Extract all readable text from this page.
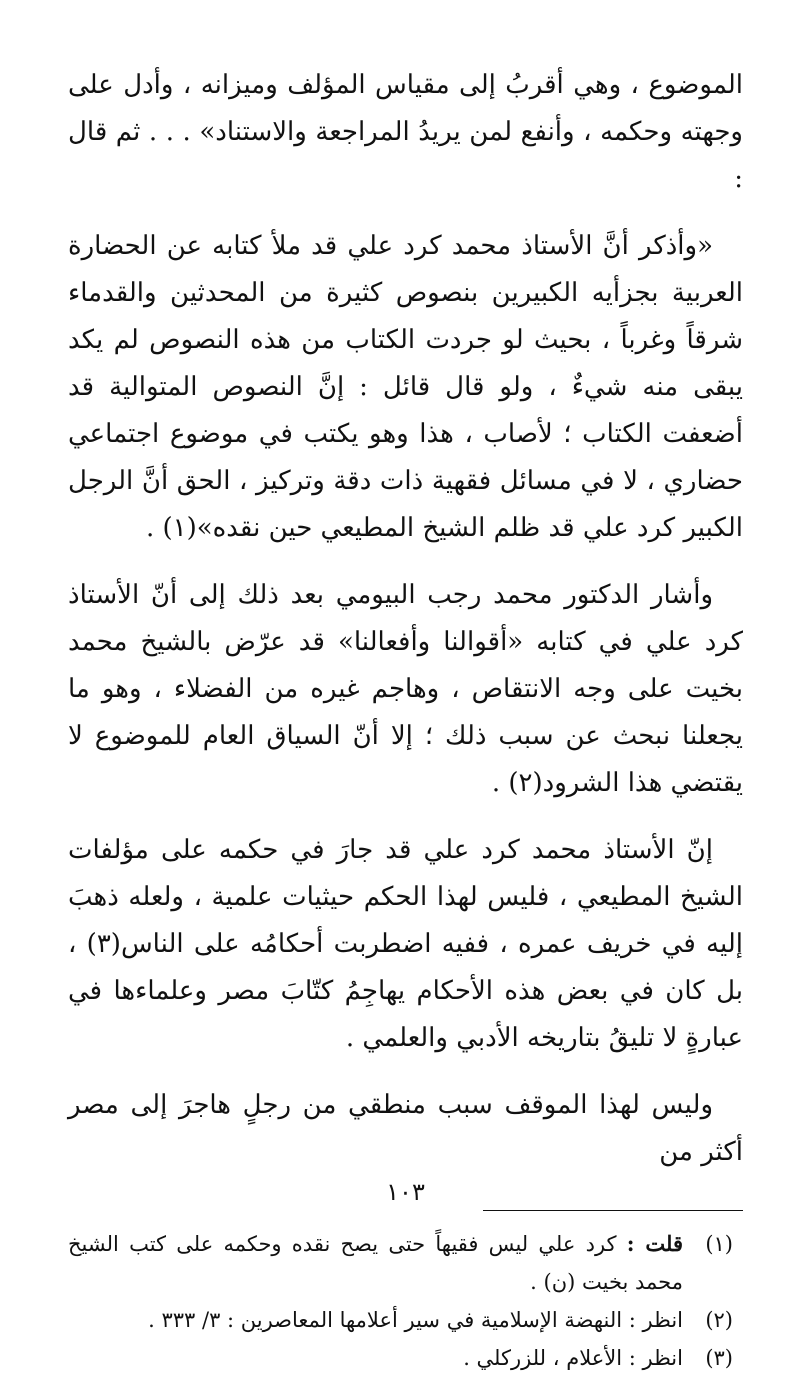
الموضوع ، وهي أقربُ إلى مقياس المؤلف وميزانه ، وأدل على وجهته وحكمه ، وأنفع لمن يريدُ المراجعة والاستناد» . . . ثم قال :

«وأذكر أنَّ الأستاذ محمد كرد علي قد ملأ كتابه عن الحضارة العربية بجزأيه الكبيرين بنصوص كثيرة من المحدثين والقدماء شرقاً وغرباً ، بحيث لو جردت الكتاب من هذه النصوص لم يكد يبقى منه شيءٌ ، ولو قال قائل : إنَّ النصوص المتوالية قد أضعفت الكتاب ؛ لأصاب ، هذا وهو يكتب في موضوع اجتماعي حضاري ، لا في مسائل فقهية ذات دقة وتركيز ، الحق أنَّ الرجل الكبير كرد علي قد ظلم الشيخ المطيعي حين نقده»(١) .

وأشار الدكتور محمد رجب البيومي بعد ذلك إلى أنّ الأستاذ كرد علي في كتابه «أقوالنا وأفعالنا» قد عرّض بالشيخ محمد بخيت على وجه الانتقاص ، وهاجم غيره من الفضلاء ، وهو ما يجعلنا نبحث عن سبب ذلك ؛ إلا أنّ السياق العام للموضوع لا يقتضي هذا الشرود(٢) .

إنّ الأستاذ محمد كرد علي قد جارَ في حكمه على مؤلفات الشيخ المطيعي ، فليس لهذا الحكم حيثيات علمية ، ولعله ذهبَ إليه في خريف عمره ، ففيه اضطربت أحكامُه على الناس(٣) ، بل كان في بعض هذه الأحكام يهاجِمُ كتّابَ مصر وعلماءها في عبارةٍ لا تليقُ بتاريخه الأدبي والعلمي .

وليس لهذا الموقف سبب منطقي من رجلٍ هاجرَ إلى مصر أكثر من

(١)
قلت : كرد علي ليس فقيهاً حتى يصح نقده وحكمه على كتب الشيخ محمد بخيت (ن) .
(٢)
انظر : النهضة الإسلامية في سير أعلامها المعاصرين : ٣/ ٣٣٣ .
(٣)
انظر : الأعلام ، للزركلي .
١٠٣
